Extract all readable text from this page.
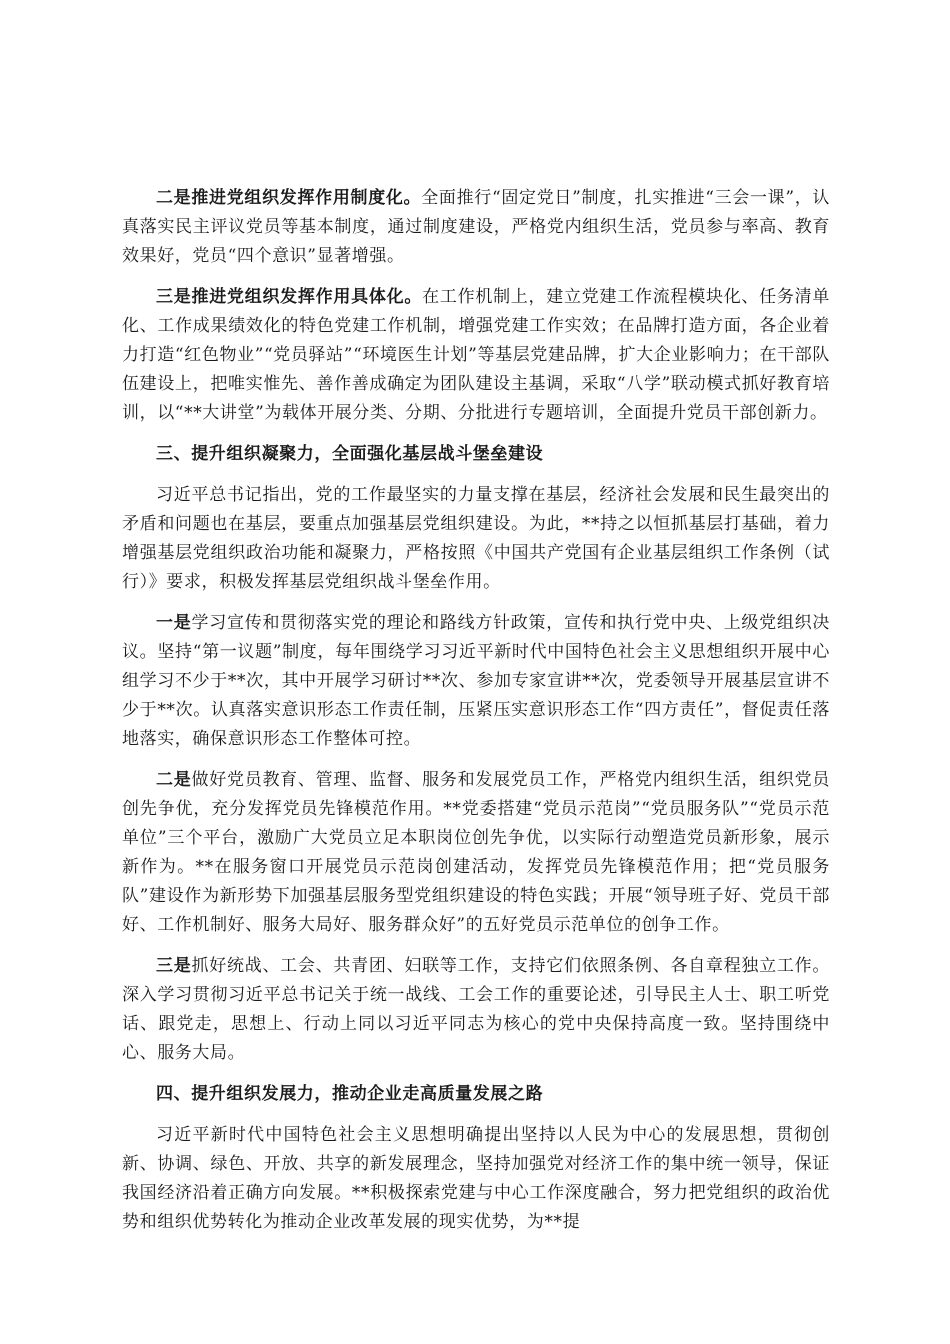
二是推进党组织发挥作用制度化。全面推行“固定党日”制度，扎实推进“三会一课”，认真落实民主评议党员等基本制度，通过制度建设，严格党内组织生活，党员参与率高、教育效果好，党员“四个意识”显著增强。

三是推进党组织发挥作用具体化。在工作机制上，建立党建工作流程模块化、任务清单化、工作成果绩效化的特色党建工作机制，增强党建工作实效；在品牌打造方面，各企业着力打造“红色物业”“党员驿站”“环境医生计划”等基层党建品牌，扩大企业影响力；在干部队伍建设上，把唯实惟先、善作善成确定为团队建设主基调，采取“八学”联动模式抓好教育培训，以“**大讲堂”为载体开展分类、分期、分批进行专题培训，全面提升党员干部创新力。

三、提升组织凝聚力，全面强化基层战斗堡垒建设

习近平总书记指出，党的工作最坚实的力量支撑在基层，经济社会发展和民生最突出的矛盾和问题也在基层，要重点加强基层党组织建设。为此，**持之以恒抓基层打基础，着力增强基层党组织政治功能和凝聚力，严格按照《中国共产党国有企业基层组织工作条例（试行）》要求，积极发挥基层党组织战斗堡垒作用。

一是学习宣传和贯彻落实党的理论和路线方针政策，宣传和执行党中央、上级党组织决议。坚持“第一议题”制度，每年围绕学习习近平新时代中国特色社会主义思想组织开展中心组学习不少于**次，其中开展学习研讨**次、参加专家宣讲**次，党委领导开展基层宣讲不少于**次。认真落实意识形态工作责任制，压紧压实意识形态工作“四方责任”，督促责任落地落实，确保意识形态工作整体可控。

二是做好党员教育、管理、监督、服务和发展党员工作，严格党内组织生活，组织党员创先争优，充分发挥党员先锋模范作用。**党委搭建“党员示范岗”“党员服务队”“党员示范单位”三个平台，激励广大党员立足本职岗位创先争优，以实际行动塑造党员新形象，展示新作为。**在服务窗口开展党员示范岗创建活动，发挥党员先锋模范作用；把“党员服务队”建设作为新形势下加强基层服务型党组织建设的特色实践；开展“领导班子好、党员干部好、工作机制好、服务大局好、服务群众好”的五好党员示范单位的创争工作。

三是抓好统战、工会、共青团、妇联等工作，支持它们依照条例、各自章程独立工作。深入学习贯彻习近平总书记关于统一战线、工会工作的重要论述，引导民主人士、职工听党话、跟党走，思想上、行动上同以习近平同志为核心的党中央保持高度一致。坚持围绕中心、服务大局。

四、提升组织发展力，推动企业走高质量发展之路

习近平新时代中国特色社会主义思想明确提出坚持以人民为中心的发展思想，贯彻创新、协调、绿色、开放、共享的新发展理念，坚持加强党对经济工作的集中统一领导，保证我国经济沿着正确方向发展。**积极探索党建与中心工作深度融合，努力把党组织的政治优势和组织优势转化为推动企业改革发展的现实优势，为**提
